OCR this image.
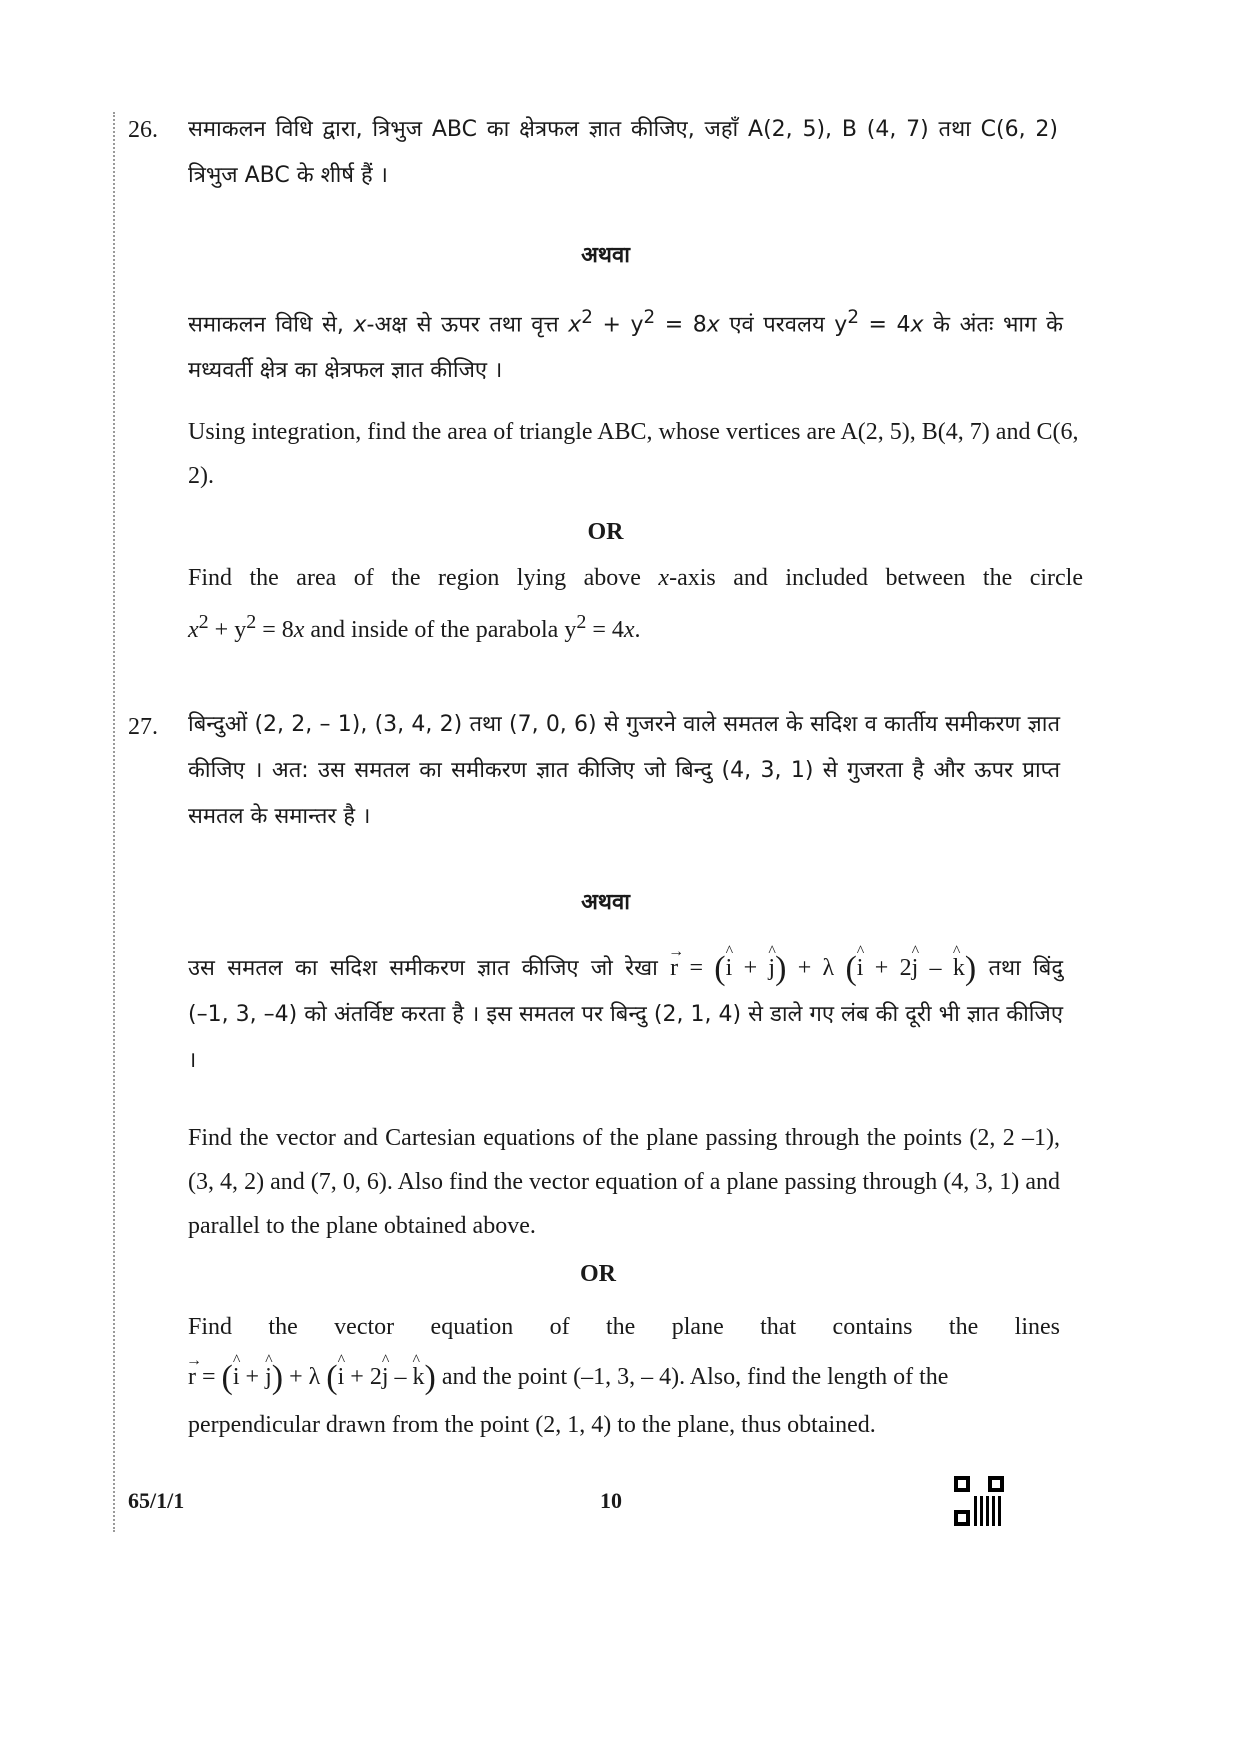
26. समाकलन विधि द्वारा, त्रिभुज ABC का क्षेत्रफल ज्ञात कीजिए, जहाँ A(2, 5), B (4, 7) तथा C(6, 2)
त्रिभुज ABC के शीर्ष हैं ।

अथवा

समाकलन विधि से, x-अक्ष से ऊपर तथा वृत्त $x^2 + y^2 = 8x$ एवं परवलय $y^2 = 4x$ के अंतः भाग के
मध्यवर्ती क्षेत्र का क्षेत्रफल ज्ञात कीजिए ।

Using integration, find the area of triangle ABC, whose vertices are A(2, 5), B(4, 7) and C(6, 2).

OR

Find the area of the region lying above x-axis and included between the circle
$x^2 + y^2 = 8x$ and inside of the parabola $y^2 = 4x$.

27. बिन्दुओं (2, 2, – 1), (3, 4, 2) तथा (7, 0, 6) से गुजरने वाले समतल के सदिश व कार्तीय समीकरण ज्ञात कीजिए । अत: उस समतल का समीकरण ज्ञात कीजिए जो बिन्दु (4, 3, 1) से गुजरता है और ऊपर प्राप्त समतल के समान्तर है ।

अथवा

उस समतल का सदिश समीकरण ज्ञात कीजिए जो रेखा → r = (^ i + ^ j) + λ (^ i + 2^ j – ^ k) तथा बिंदु
(–1, 3, –4) को अंतर्विष्ट करता है । इस समतल पर बिन्दु (2, 1, 4) से डाले गए लंब की दूरी भी ज्ञात कीजिए ।

Find the vector and Cartesian equations of the plane passing through the points (2, 2 –1), (3, 4, 2) and (7, 0, 6). Also find the vector equation of a plane passing through (4, 3, 1) and parallel to the plane obtained above.

OR

Find the vector equation of the plane that contains the lines
→ r = (^ i + ^ j) + λ (^ i + 2^ j – ^ k) and the point (–1, 3, – 4). Also, find the length of the
perpendicular drawn from the point (2, 1, 4) to the plane, thus obtained.

65/1/1	10
